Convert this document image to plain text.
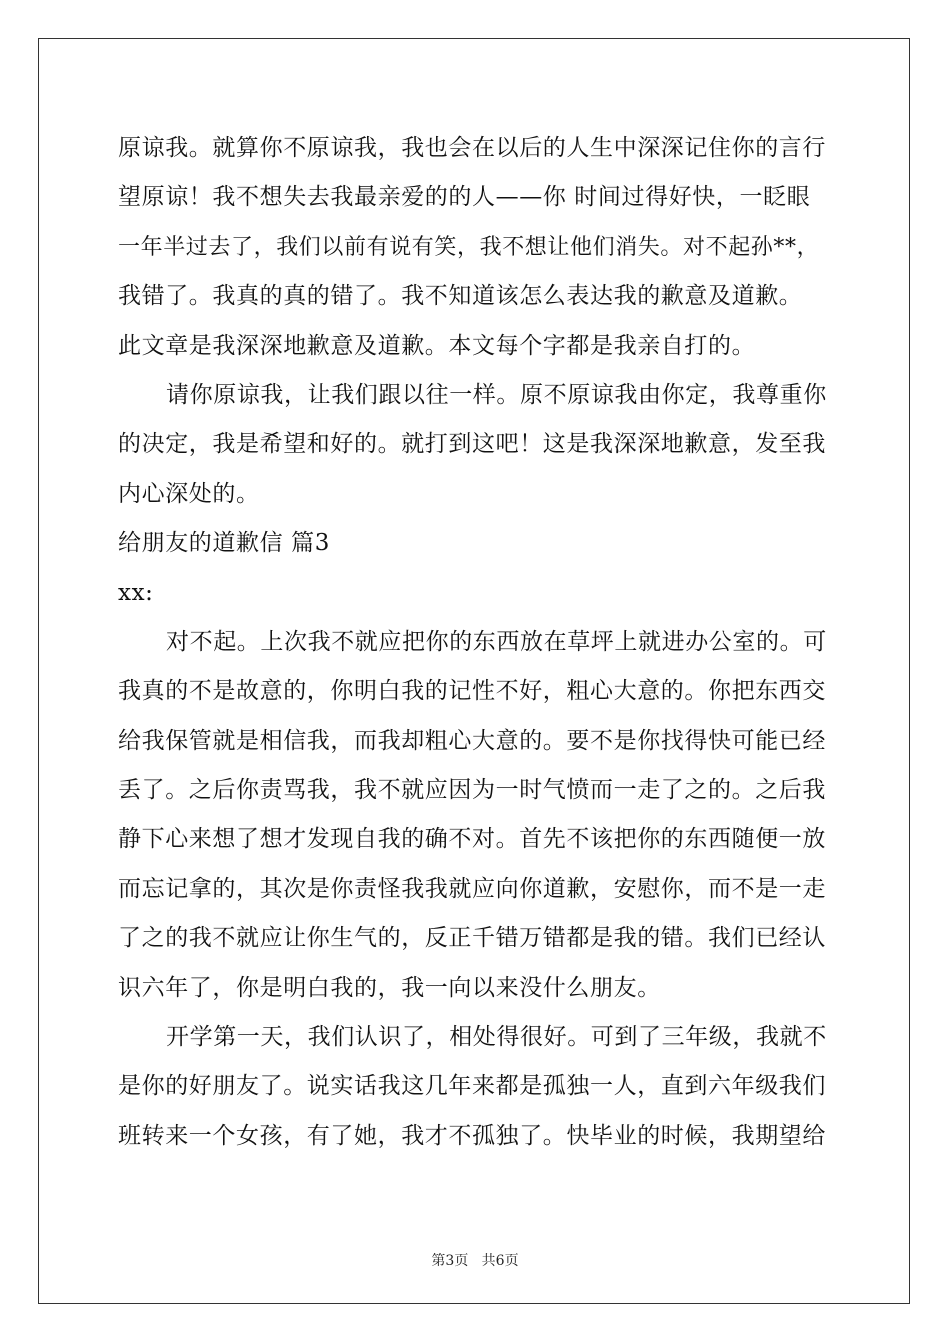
原谅我。就算你不原谅我，我也会在以后的人生中深深记住你的言行
望原谅！我不想失去我最亲爱的的人——你 时间过得好快，一眨眼
一年半过去了，我们以前有说有笑，我不想让他们消失。对不起孙**，
我错了。我真的真的错了。我不知道该怎么表达我的歉意及道歉。
此文章是我深深地歉意及道歉。本文每个字都是我亲自打的。
请你原谅我，让我们跟以往一样。原不原谅我由你定，我尊重你
的决定，我是希望和好的。就打到这吧！这是我深深地歉意，发至我
内心深处的。
给朋友的道歉信 篇3
xx:
对不起。上次我不就应把你的东西放在草坪上就进办公室的。可
我真的不是故意的，你明白我的记性不好，粗心大意的。你把东西交
给我保管就是相信我，而我却粗心大意的。要不是你找得快可能已经
丢了。之后你责骂我，我不就应因为一时气愤而一走了之的。之后我
静下心来想了想才发现自我的确不对。首先不该把你的东西随便一放
而忘记拿的，其次是你责怪我我就应向你道歉，安慰你，而不是一走
了之的我不就应让你生气的，反正千错万错都是我的错。我们已经认
识六年了，你是明白我的，我一向以来没什么朋友。
开学第一天，我们认识了，相处得很好。可到了三年级，我就不
是你的好朋友了。说实话我这几年来都是孤独一人，直到六年级我们
班转来一个女孩，有了她，我才不孤独了。快毕业的时候，我期望给
第3页   共6页
